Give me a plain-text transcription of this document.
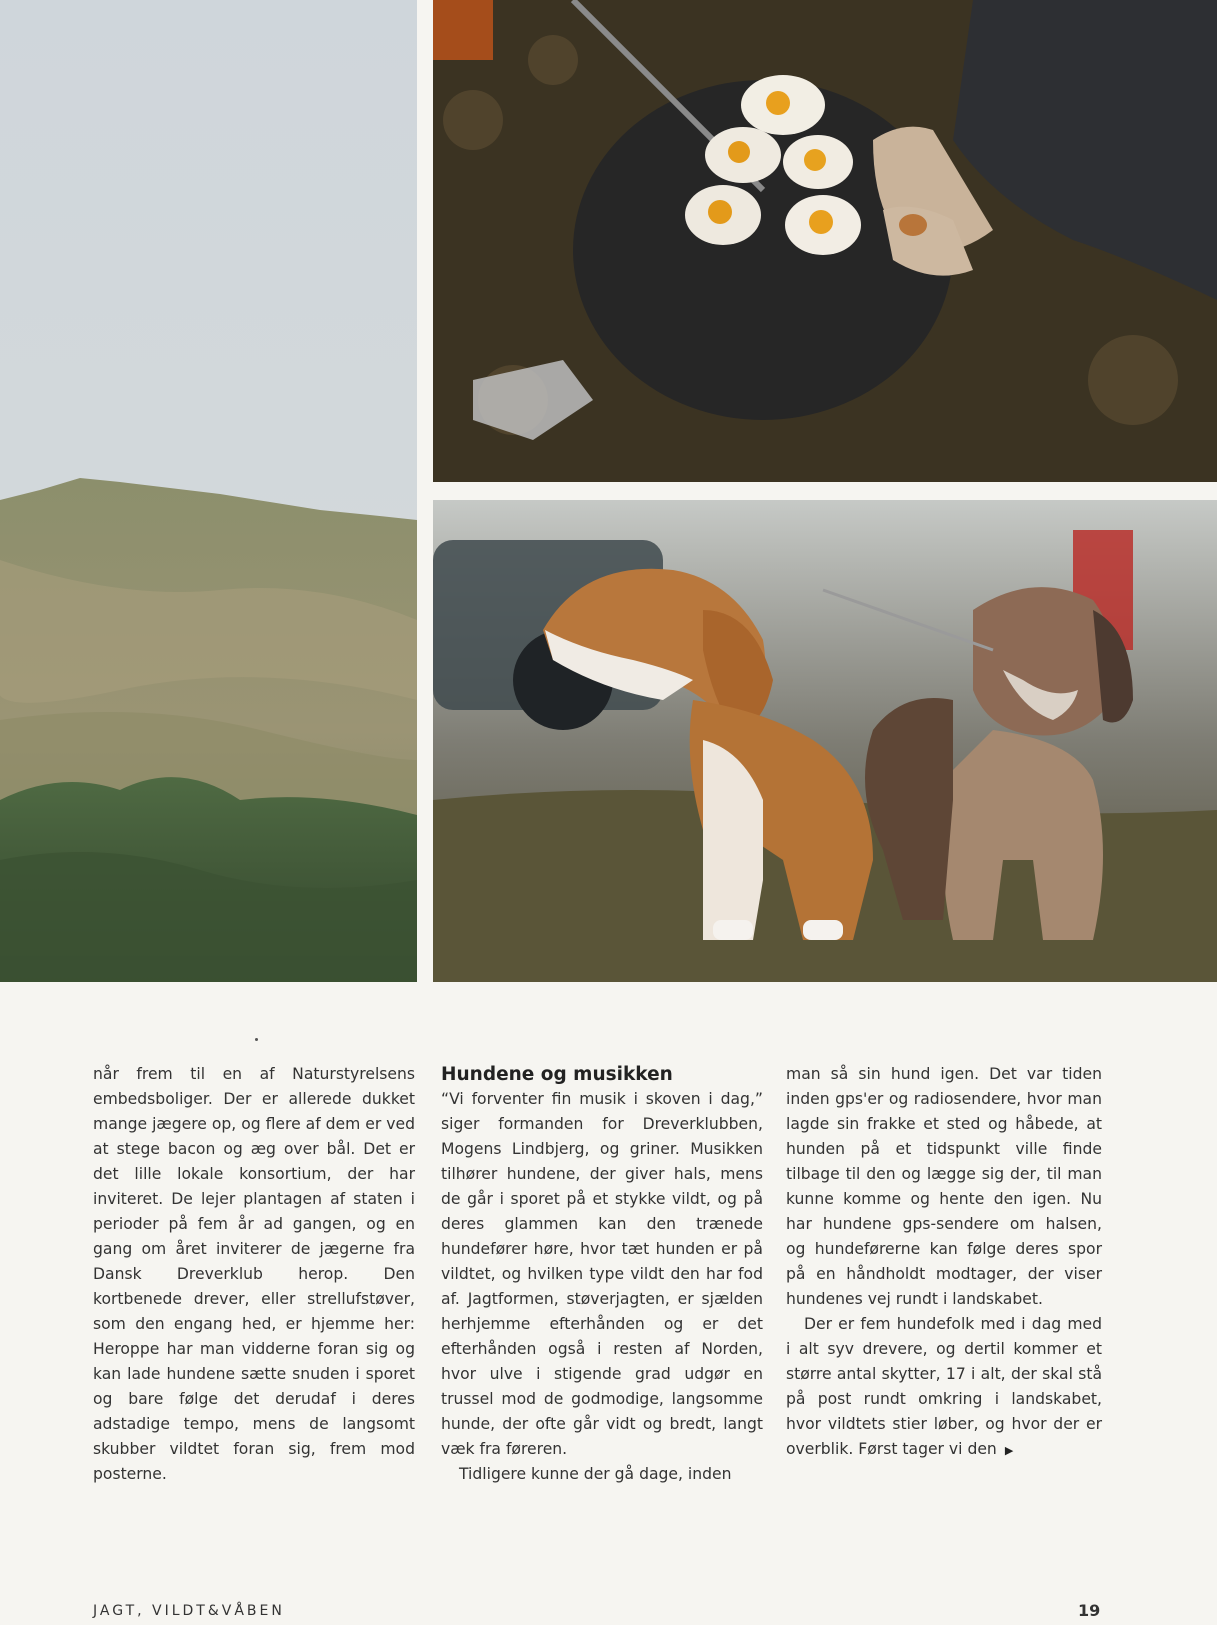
når frem til en af Naturstyrelsens embedsboliger. Der er allerede dukket mange jægere op, og flere af dem er ved at stege bacon og æg over bål. Det er det lille lokale konsortium, der har inviteret. De lejer plantagen af staten i perioder på fem år ad gangen, og en gang om året inviterer de jægerne fra Dansk Dreverklub herop. Den kortbenede drever, eller strellufstøver, som den engang hed, er hjemme her: Heroppe har man vidderne foran sig og kan lade hundene sætte snuden i sporet og bare følge det derudaf i deres adstadige tempo, mens de langsomt skubber vildtet foran sig, frem mod posterne.

Hundene og musikken

“Vi forventer fin musik i skoven i dag,” siger formanden for Dreverklubben, Mogens Lindbjerg, og griner. Musikken tilhører hundene, der giver hals, mens de går i sporet på et stykke vildt, og på deres glammen kan den trænede hundefører høre, hvor tæt hunden er på vildtet, og hvilken type vildt den har fod af. Jagtformen, støverjagten, er sjælden herhjemme efterhånden og er det efterhånden også i resten af Norden, hvor ulve i stigende grad udgør en trussel mod de godmodige, langsomme hunde, der ofte går vidt og bredt, langt væk fra føreren.

Tidligere kunne der gå dage, inden

man så sin hund igen. Det var tiden inden gps'er og radiosendere, hvor man lagde sin frakke et sted og håbede, at hunden på et tidspunkt ville finde tilbage til den og lægge sig der, til man kunne komme og hente den igen. Nu har hundene gps-sendere om halsen, og hundeførerne kan følge deres spor på en håndholdt modtager, der viser hundenes vej rundt i landskabet.

Der er fem hundefolk med i dag med i alt syv drevere, og dertil kommer et større antal skytter, 17 i alt, der skal stå på post rundt omkring i landskabet, hvor vildtets stier løber, og hvor der er overblik. Først tager vi den ▶

JAGT, VILDT&VÅBEN	19
